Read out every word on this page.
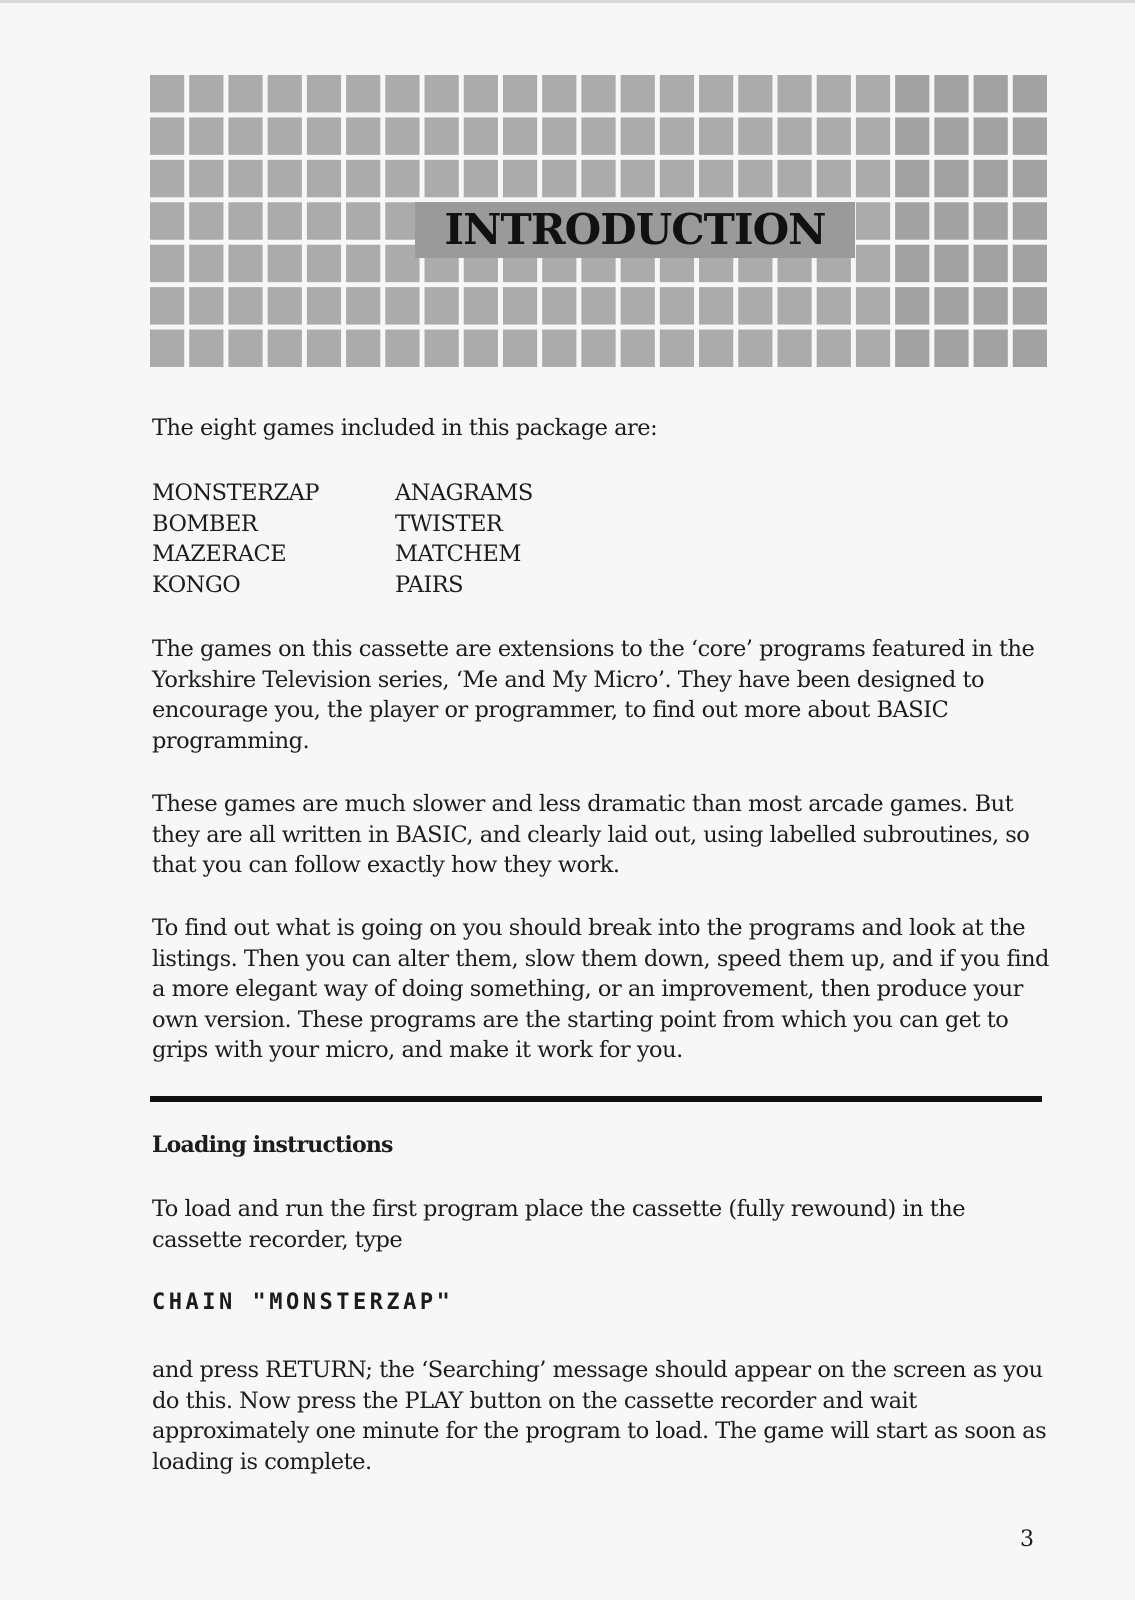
INTRODUCTION

The eight games included in this package are:

MONSTERZAP
BOMBER
MAZERACE
KONGO
ANAGRAMS
TWISTER
MATCHEM
PAIRS

The games on this cassette are extensions to the ‘core’ programs featured in the Yorkshire Television series, ‘Me and My Micro’. They have been designed to encourage you, the player or programmer, to find out more about BASIC programming.

These games are much slower and less dramatic than most arcade games. But they are all written in BASIC, and clearly laid out, using labelled subroutines, so that you can follow exactly how they work.

To find out what is going on you should break into the programs and look at the listings. Then you can alter them, slow them down, speed them up, and if you find a more elegant way of doing something, or an improvement, then produce your own version. These programs are the starting point from which you can get to grips with your micro, and make it work for you.

Loading instructions

To load and run the first program place the cassette (fully rewound) in the cassette recorder, type

CHAIN "MONSTERZAP"

and press RETURN; the ‘Searching’ message should appear on the screen as you do this. Now press the PLAY button on the cassette recorder and wait approximately one minute for the program to load. The game will start as soon as loading is complete.

3
